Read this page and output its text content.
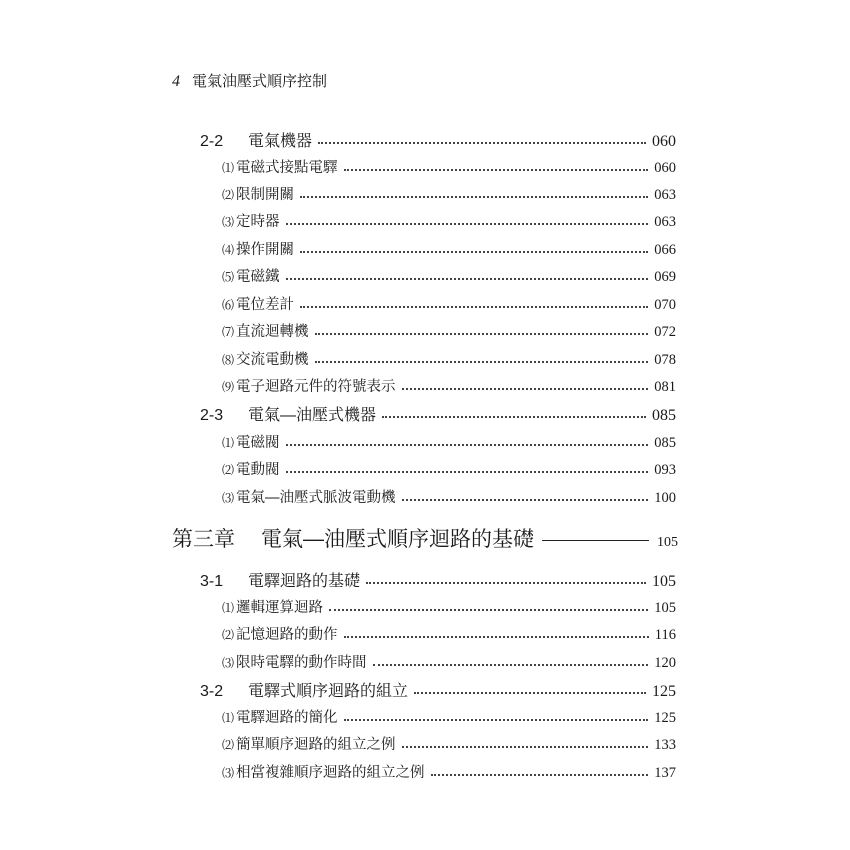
4 電氣油壓式順序控制
2-2	電氣機器	060
⑴ 電磁式接點電驛	060
⑵ 限制開關	063
⑶ 定時器	063
⑷ 操作開關	066
⑸ 電磁鐵	069
⑹ 電位差計	070
⑺ 直流迴轉機	072
⑻ 交流電動機	078
⑼ 電子迴路元件的符號表示	081
2-3	電氣―油壓式機器	085
⑴ 電磁閥	085
⑵ 電動閥	093
⑶ 電氣―油壓式脈波電動機	100
第三章 電氣―油壓式順序迴路的基礎	105
3-1	電驛迴路的基礎	105
⑴ 邏輯運算迴路	105
⑵ 記憶迴路的動作	116
⑶ 限時電驛的動作時間	120
3-2	電驛式順序迴路的組立	125
⑴ 電驛迴路的簡化	125
⑵ 簡單順序迴路的組立之例	133
⑶ 相當複雜順序迴路的組立之例	137
